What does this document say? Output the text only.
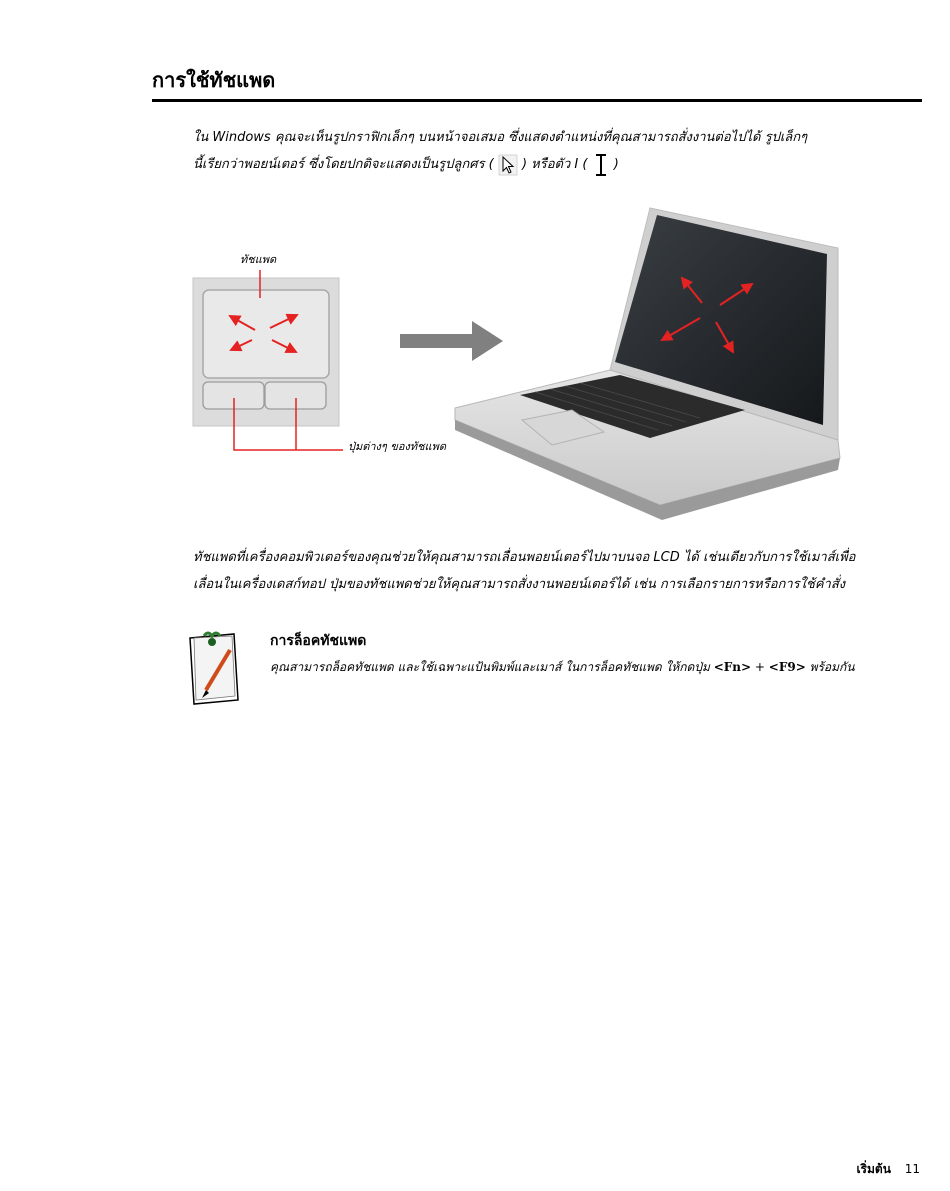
การใช้ทัชแพด
ใน Windows คุณจะเห็นรูปกราฟิกเล็กๆ บนหน้าจอเสมอ ซึ่งแสดงตำแหน่งที่คุณสามารถสั่งงานต่อไปได้ รูปเล็กๆ
นี้เรียกว่าพอยน์เตอร์ ซึ่งโดยปกติจะแสดงเป็นรูปลูกศร ( ) หรือตัว I ( )
ทัชแพด
ปุ่มต่างๆ ของทัชแพด
ทัชแพดที่เครื่องคอมพิวเตอร์ของคุณช่วยให้คุณสามารถเลื่อนพอยน์เตอร์ไปมาบนจอ LCD ได้ เช่นเดียวกับการใช้เมาส์เพื่อ
เลื่อนในเครื่องเดสก์ทอป ปุ่มของทัชแพดช่วยให้คุณสามารถสั่งงานพอยน์เตอร์ได้ เช่น การเลือกรายการหรือการใช้คำสั่ง
การล็อคทัชแพด
คุณสามารถล็อคทัชแพด และใช้เฉพาะแป้นพิมพ์และเมาส์ ในการล็อคทัชแพด ให้กดปุ่ม <Fn> + <F9> พร้อมกัน
เริ่มต้น 11
